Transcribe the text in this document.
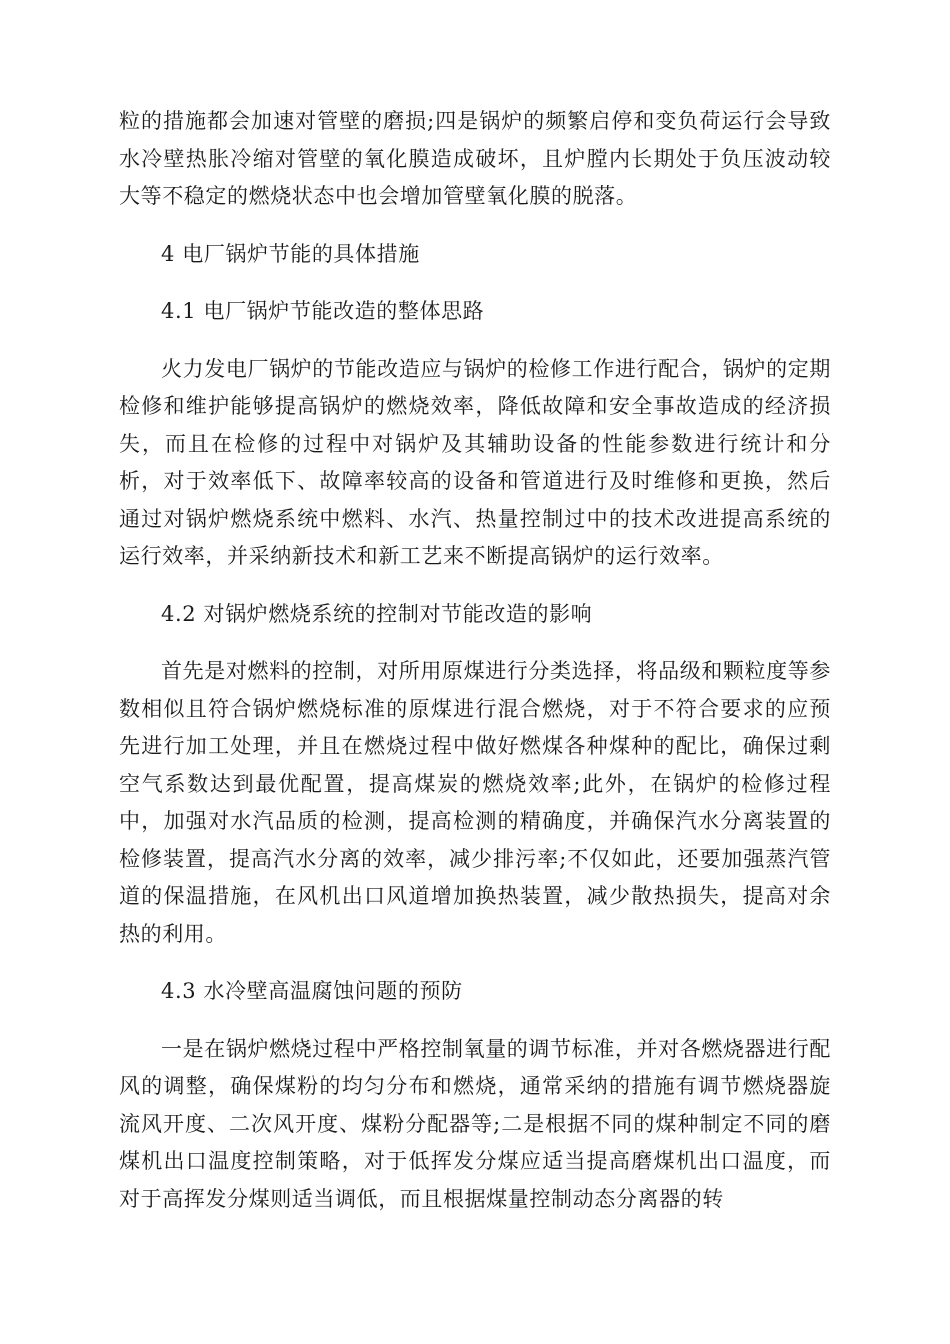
粒的措施都会加速对管壁的磨损;四是锅炉的频繁启停和变负荷运行会导致水冷壁热胀冷缩对管壁的氧化膜造成破坏，且炉膛内长期处于负压波动较大等不稳定的燃烧状态中也会增加管壁氧化膜的脱落。

4 电厂锅炉节能的具体措施

4.1 电厂锅炉节能改造的整体思路

火力发电厂锅炉的节能改造应与锅炉的检修工作进行配合，锅炉的定期检修和维护能够提高锅炉的燃烧效率，降低故障和安全事故造成的经济损失，而且在检修的过程中对锅炉及其辅助设备的性能参数进行统计和分析，对于效率低下、故障率较高的设备和管道进行及时维修和更换，然后通过对锅炉燃烧系统中燃料、水汽、热量控制过中的技术改进提高系统的运行效率，并采纳新技术和新工艺来不断提高锅炉的运行效率。

4.2 对锅炉燃烧系统的控制对节能改造的影响

首先是对燃料的控制，对所用原煤进行分类选择，将品级和颗粒度等参数相似且符合锅炉燃烧标准的原煤进行混合燃烧，对于不符合要求的应预先进行加工处理，并且在燃烧过程中做好燃煤各种煤种的配比，确保过剩空气系数达到最优配置，提高煤炭的燃烧效率;此外，在锅炉的检修过程中，加强对水汽品质的检测，提高检测的精确度，并确保汽水分离装置的检修装置，提高汽水分离的效率，减少排污率;不仅如此，还要加强蒸汽管道的保温措施，在风机出口风道增加换热装置，减少散热损失，提高对余热的利用。

4.3 水冷壁高温腐蚀问题的预防

一是在锅炉燃烧过程中严格控制氧量的调节标准，并对各燃烧器进行配风的调整，确保煤粉的均匀分布和燃烧，通常采纳的措施有调节燃烧器旋流风开度、二次风开度、煤粉分配器等;二是根据不同的煤种制定不同的磨煤机出口温度控制策略，对于低挥发分煤应适当提高磨煤机出口温度，而对于高挥发分煤则适当调低，而且根据煤量控制动态分离器的转
